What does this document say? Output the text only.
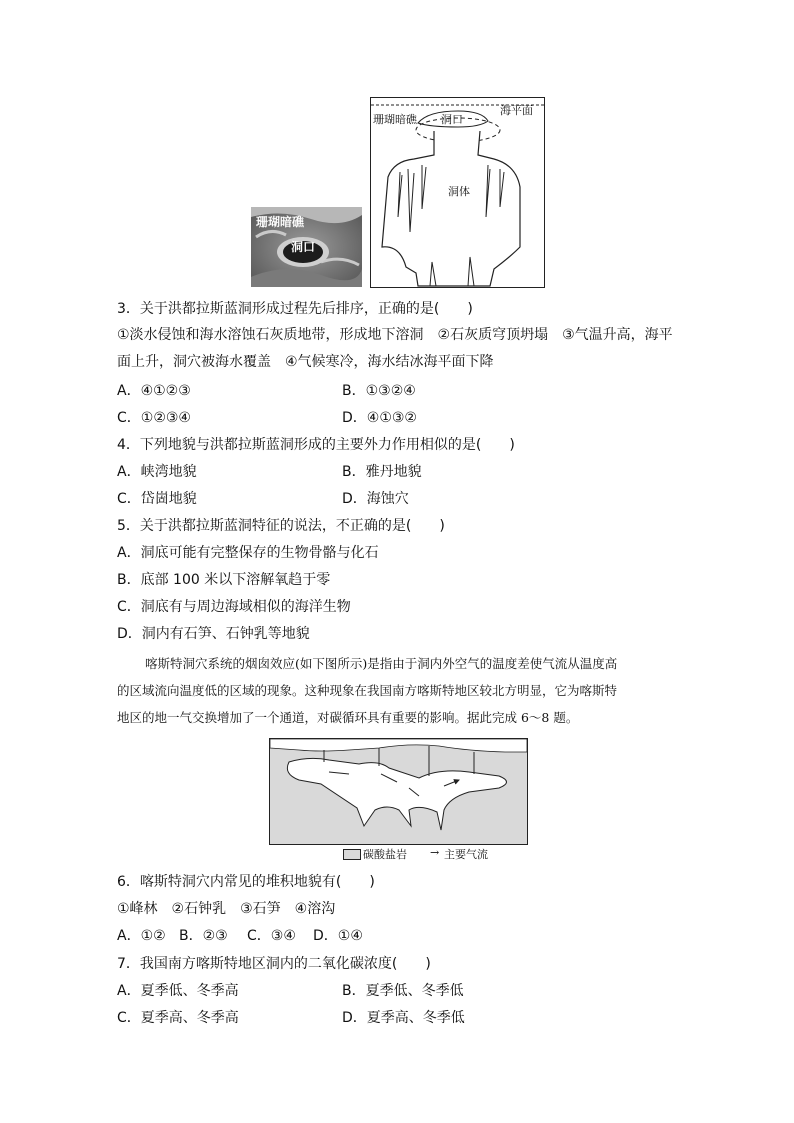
珊瑚暗礁
洞口
珊瑚暗礁 洞口
海平面
洞体
3．关于洪都拉斯蓝洞形成过程先后排序，正确的是(　　)
①淡水侵蚀和海水溶蚀石灰质地带，形成地下溶洞　②石灰质穹顶坍塌　③气温升高，海平
面上升，洞穴被海水覆盖　④气候寒冷，海水结冰海平面下降
A．④①②③	B．①③②④
C．①②③④	D．④①③②
4．下列地貌与洪都拉斯蓝洞形成的主要外力作用相似的是(　　)
A．峡湾地貌	B．雅丹地貌
C．岱崮地貌	D．海蚀穴
5．关于洪都拉斯蓝洞特征的说法，不正确的是(　　)
A．洞底可能有完整保存的生物骨骼与化石
B．底部 100 米以下溶解氧趋于零
C．洞底有与周边海域相似的海洋生物
D．洞内有石笋、石钟乳等地貌
喀斯特洞穴系统的烟囱效应(如下图所示)是指由于洞内外空气的温度差使气流从温度高
的区域流向温度低的区域的现象。这种现象在我国南方喀斯特地区较北方明显，它为喀斯特
地区的地一气交换增加了一个通道，对碳循环具有重要的影响。据此完成 6～8 题。
碳酸盐岩 → 主要气流
6．喀斯特洞穴内常见的堆积地貌有(　　)
①峰林　②石钟乳　③石笋　④溶沟
A．①② B．②③ C．③④ D．①④
7．我国南方喀斯特地区洞内的二氧化碳浓度(　　)
A．夏季低、冬季高	B．夏季低、冬季低
C．夏季高、冬季高	D．夏季高、冬季低
